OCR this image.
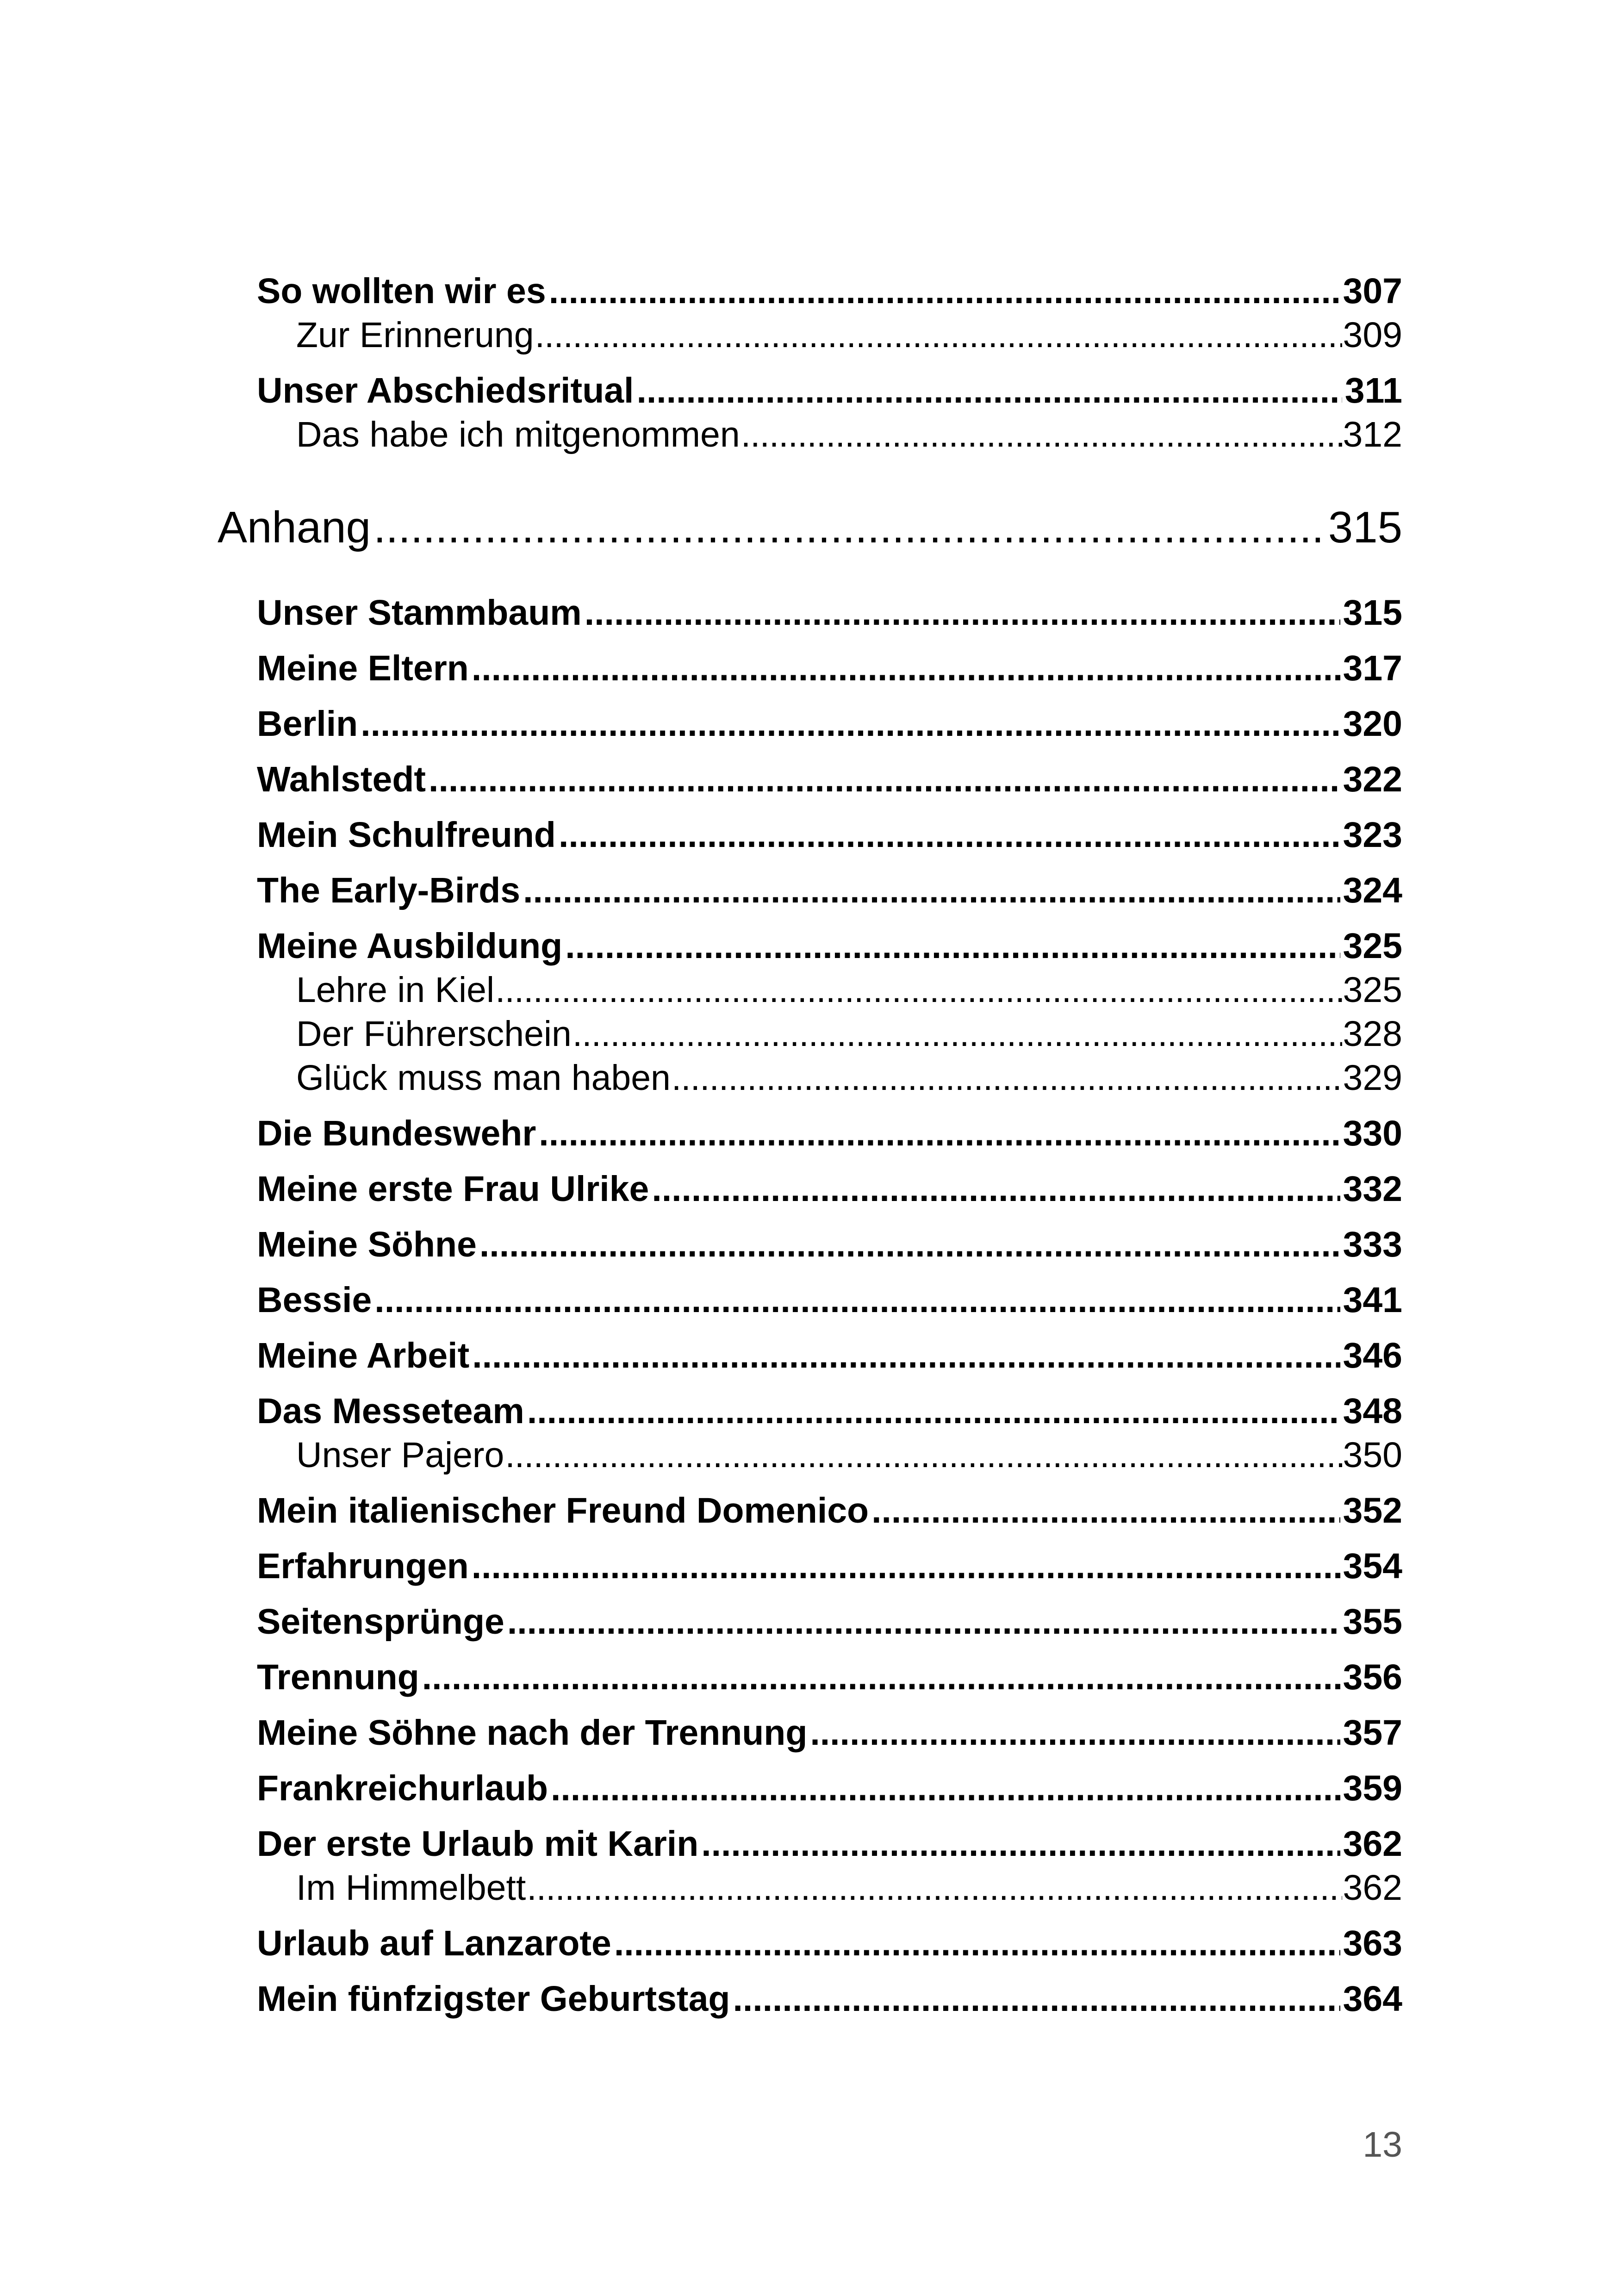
So wollten wir es .....	307
Zur Erinnerung .....	309
Unser Abschiedsritual .....	311
Das habe ich mitgenommen .....	312
Anhang .....	315
Unser Stammbaum .....	315
Meine Eltern .....	317
Berlin .....	320
Wahlstedt .....	322
Mein Schulfreund .....	323
The Early-Birds .....	324
Meine Ausbildung .....	325
Lehre in Kiel .....	325
Der Führerschein .....	328
Glück muss man haben .....	329
Die Bundeswehr .....	330
Meine erste Frau Ulrike .....	332
Meine Söhne .....	333
Bessie .....	341
Meine Arbeit .....	346
Das Messeteam .....	348
Unser Pajero .....	350
Mein italienischer Freund Domenico .....	352
Erfahrungen .....	354
Seitensprünge .....	355
Trennung .....	356
Meine Söhne nach der Trennung .....	357
Frankreichurlaub .....	359
Der erste Urlaub mit Karin .....	362
Im Himmelbett .....	362
Urlaub auf Lanzarote .....	363
Mein fünfzigster Geburtstag .....	364
13
